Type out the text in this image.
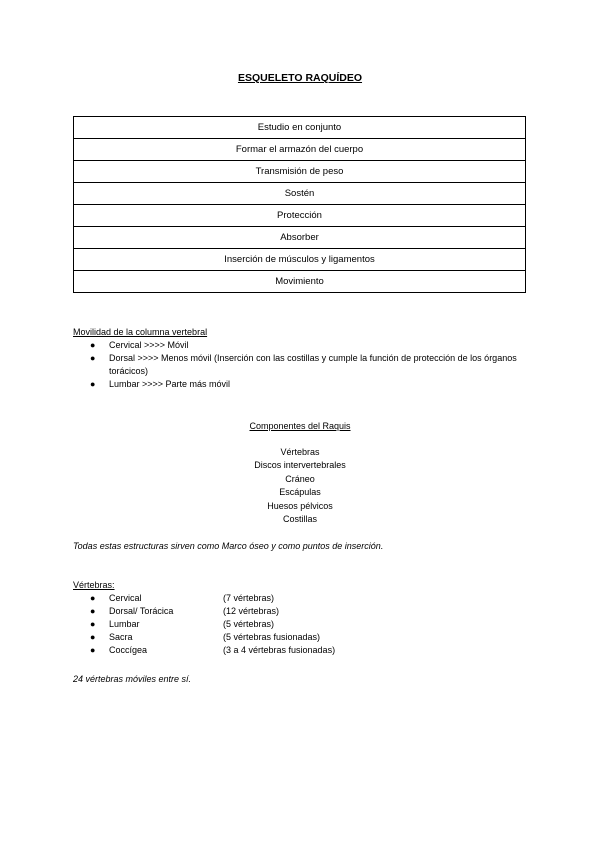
ESQUELETO RAQUÍDEO
Estudio en conjunto
Formar el armazón del cuerpo
Transmisión de peso
Sostén
Protección
Absorber
Inserción de músculos y ligamentos
Movimiento
Movilidad de la columna vertebral
● Cervical >>>> Móvil
● Dorsal >>>> Menos móvil (Inserción con las costillas y cumple la función de protección de los órganos torácicos)
● Lumbar >>>> Parte más móvil
Componentes del Raquis
Vértebras
Discos intervertebrales
Cráneo
Escápulas
Huesos pélvicos
Costillas
Todas estas estructuras sirven como Marco óseo y como puntos de inserción.
Vértebras:
● Cervical	(7 vértebras)
● Dorsal/ Torácica	(12 vértebras)
● Lumbar	(5 vértebras)
● Sacra	(5 vértebras fusionadas)
● Coccígea	(3 a 4 vértebras fusionadas)
24 vértebras móviles entre sí.
